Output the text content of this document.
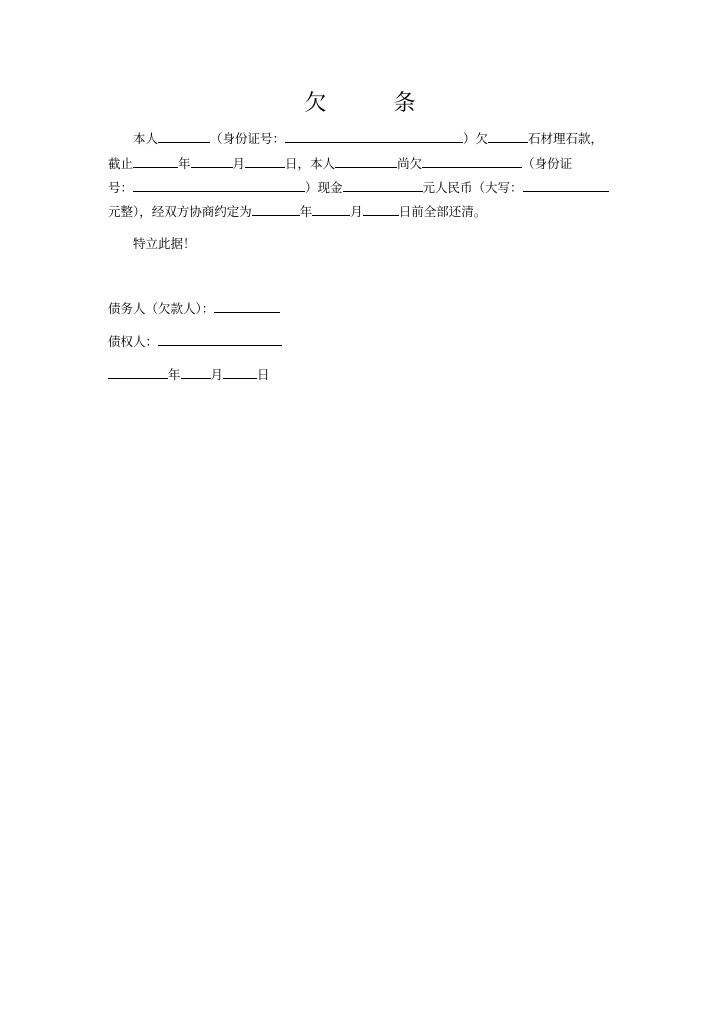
欠 条
本人	（身份证号：	）欠	石材理石款，
截止	年	月	日，本人	尚欠	（身份证
号：	）现金	元人民币（大写：
元整），经双方协商约定为	年	月	日前全部还清。
特立此据！
债务人（欠款人）：
债权人：
年 月	日
